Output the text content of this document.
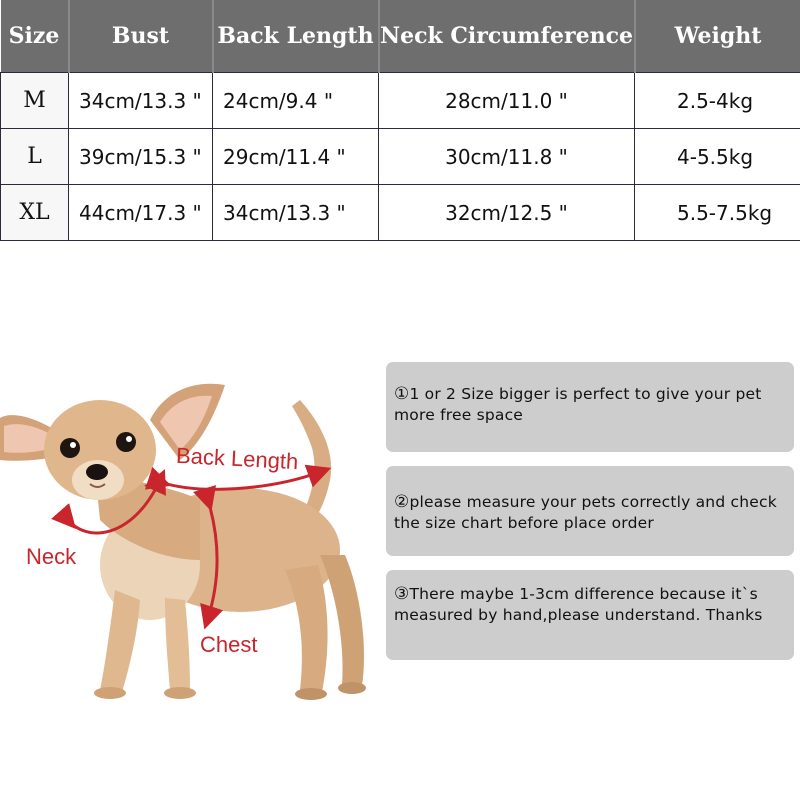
Size	Bust	Back Length	Neck Circumference	Weight
M	34cm/13.3 "	24cm/9.4 "	28cm/11.0 "	2.5-4kg
L	39cm/15.3 "	29cm/11.4 "	30cm/11.8 "	4-5.5kg
XL	44cm/17.3 "	34cm/13.3 "	32cm/12.5 "	5.5-7.5kg
Back Length
Neck
Chest
①1 or 2 Size bigger is perfect to give your pet more free space
②please measure your pets correctly and check the size chart before place order
③There maybe 1-3cm difference because it`s measured by hand,please understand. Thanks
